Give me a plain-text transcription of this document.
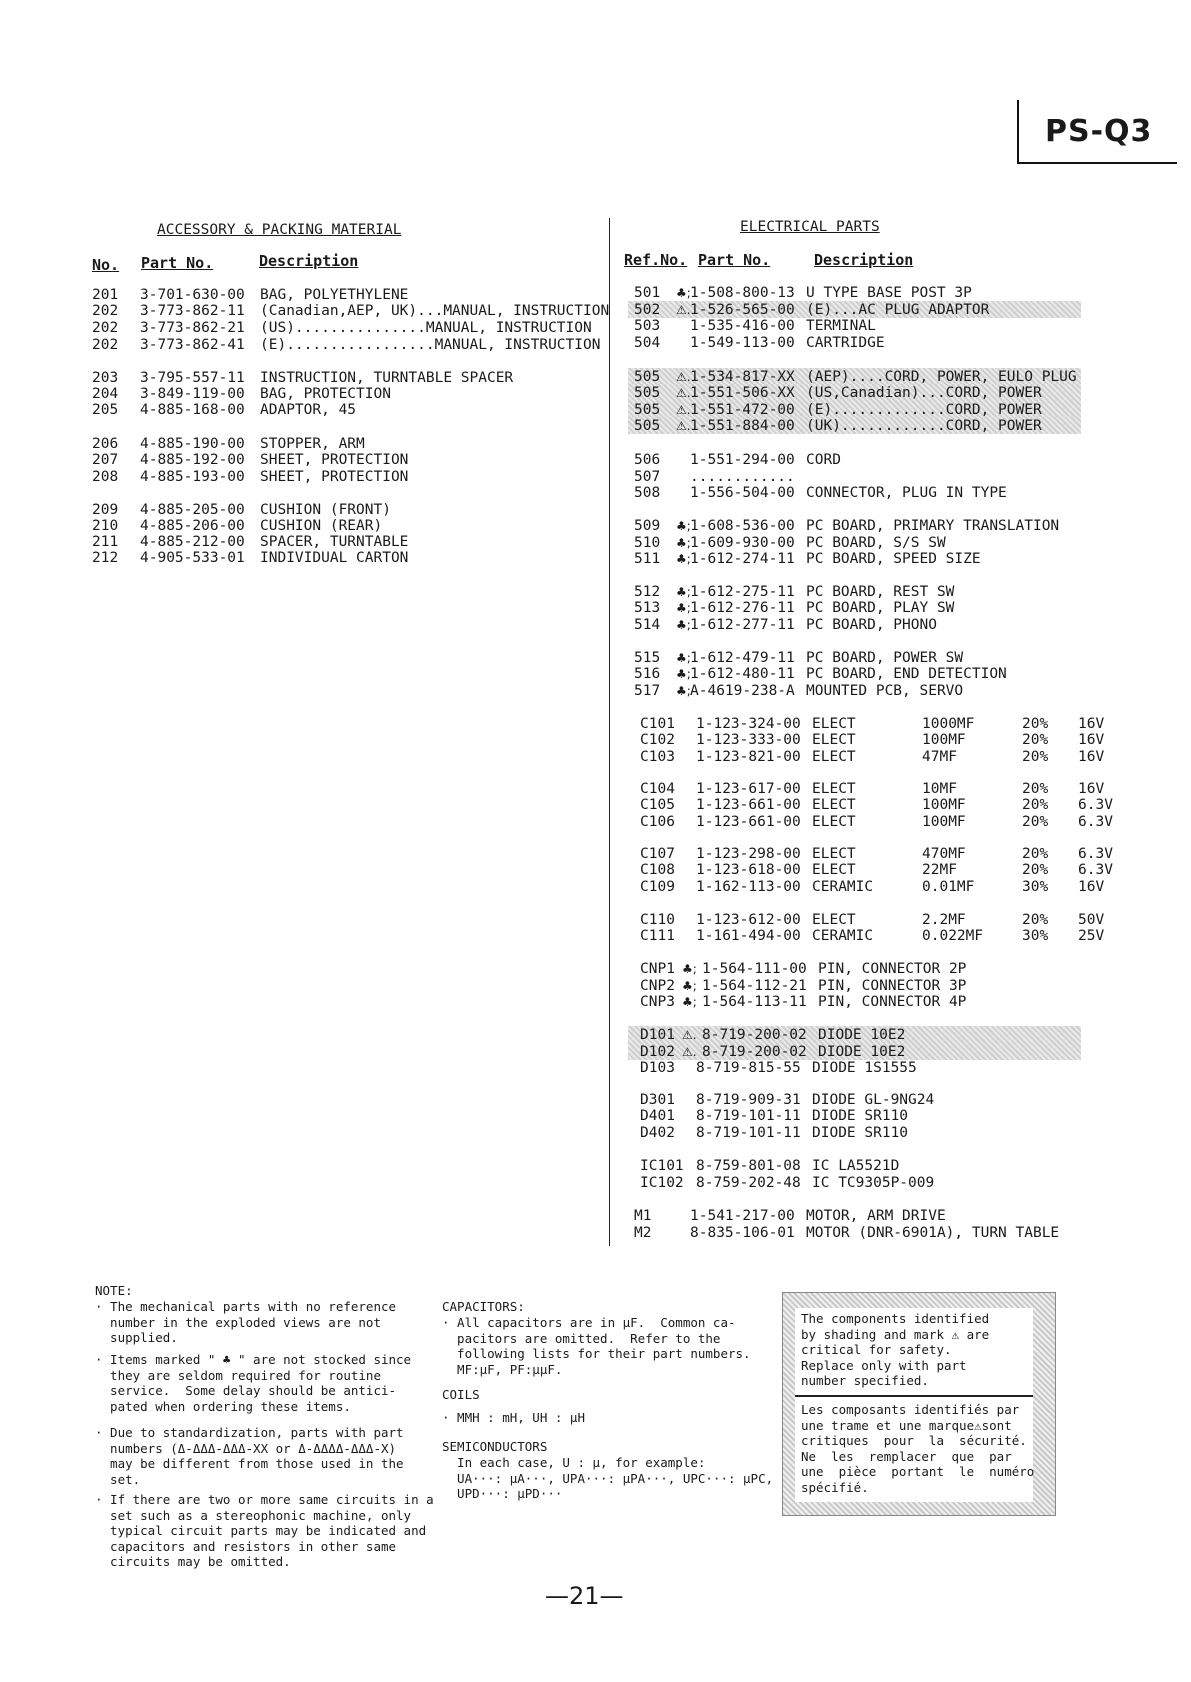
PS-Q3
ACCESSORY & PACKING MATERIAL
No. Part No.	Description
201	3-701-630-00	BAG, POLYETHYLENE
202	3-773-862-11	(Canadian,AEP, UK)...MANUAL, INSTRUCTION
202	3-773-862-21	(US)...............MANUAL, INSTRUCTION
202	3-773-862-41	(E).................MANUAL, INSTRUCTION
203	3-795-557-11	INSTRUCTION, TURNTABLE SPACER
204	3-849-119-00	BAG, PROTECTION
205	4-885-168-00	ADAPTOR, 45
206	4-885-190-00	STOPPER, ARM
207	4-885-192-00	SHEET, PROTECTION
208	4-885-193-00	SHEET, PROTECTION
209	4-885-205-00	CUSHION (FRONT)
210	4-885-206-00	CUSHION (REAR)
211	4-885-212-00	SPACER, TURNTABLE
212	4-905-533-01	INDIVIDUAL CARTON
ELECTRICAL PARTS
Ref.No. Part No.	Description
501	♣; 1-508-800-13 U TYPE BASE POST 3P
502	⚠. 1-526-565-00 (E)...AC PLUG ADAPTOR
503	1-535-416-00 TERMINAL
504	1-549-113-00 CARTRIDGE
505	⚠. 1-534-817-XX (AEP)....CORD, POWER, EULO PLUG
505	⚠. 1-551-506-XX (US,Canadian)...CORD, POWER
505	⚠. 1-551-472-00 (E).............CORD, POWER
505	⚠. 1-551-884-00 (UK)............CORD, POWER
506	1-551-294-00 CORD
507	............
508	1-556-504-00 CONNECTOR, PLUG IN TYPE
509	♣; 1-608-536-00 PC BOARD, PRIMARY TRANSLATION
510	♣; 1-609-930-00 PC BOARD, S/S SW
511	♣; 1-612-274-11 PC BOARD, SPEED SIZE
512	♣; 1-612-275-11 PC BOARD, REST SW
513	♣; 1-612-276-11 PC BOARD, PLAY SW
514	♣; 1-612-277-11 PC BOARD, PHONO
515	♣; 1-612-479-11 PC BOARD, POWER SW
516	♣; 1-612-480-11 PC BOARD, END DETECTION
517	♣; A-4619-238-A MOUNTED PCB, SERVO
C101	1-123-324-00 ELECT	1000MF	20%	16V
C102	1-123-333-00 ELECT	100MF	20%	16V
C103	1-123-821-00 ELECT	47MF	20%	16V
C104	1-123-617-00 ELECT	10MF	20%	16V
C105	1-123-661-00 ELECT	100MF	20%	6.3V
C106	1-123-661-00 ELECT	100MF	20%	6.3V
C107	1-123-298-00 ELECT	470MF	20%	6.3V
C108	1-123-618-00 ELECT	22MF	20%	6.3V
C109	1-162-113-00 CERAMIC	0.01MF	30%	16V
C110	1-123-612-00 ELECT	2.2MF	20%	50V
C111	1-161-494-00 CERAMIC	0.022MF	30%	25V
CNP1 ♣; 1-564-111-00 PIN, CONNECTOR 2P
CNP2 ♣; 1-564-112-21 PIN, CONNECTOR 3P
CNP3 ♣; 1-564-113-11 PIN, CONNECTOR 4P
D101 ⚠. 8-719-200-02 DIODE 10E2
D102 ⚠. 8-719-200-02 DIODE 10E2
D103	8-719-815-55 DIODE 1S1555
D301	8-719-909-31 DIODE GL-9NG24
D401	8-719-101-11 DIODE SR110
D402	8-719-101-11 DIODE SR110
IC101 8-759-801-08 IC LA5521D
IC102 8-759-202-48 IC TC9305P-009
M1	1-541-217-00 MOTOR, ARM DRIVE
M2	8-835-106-01 MOTOR (DNR-6901A), TURN TABLE
NOTE:
· The mechanical parts with no reference
number in the exploded views are not
supplied.
· Items marked " ♣ " are not stocked since
they are seldom required for routine
service.  Some delay should be antici-
pated when ordering these items.
· Due to standardization, parts with part
numbers (Δ-ΔΔΔ-ΔΔΔ-XX or Δ-ΔΔΔΔ-ΔΔΔ-X)
may be different from those used in the
set.
· If there are two or more same circuits in a
set such as a stereophonic machine, only
typical circuit parts may be indicated and
capacitors and resistors in other same
circuits may be omitted.
CAPACITORS:
· All capacitors are in μF.  Common ca-
pacitors are omitted.  Refer to the
following lists for their part numbers.
MF:μF, PF:μμF.
COILS
· MMH : mH, UH : μH
SEMICONDUCTORS
In each case, U : μ, for example:
UA···: μA···, UPA···: μPA···, UPC···: μPC,
UPD···: μPD···
The components identified
by shading and mark ⚠ are
critical for safety.
Replace only with part
number specified.
Les composants identifiés par
une trame et une marque⚠sont
critiques  pour  la  sécurité.
Ne  les  remplacer  que  par
une  pièce  portant  le  numéro
spécifié.
—21—
